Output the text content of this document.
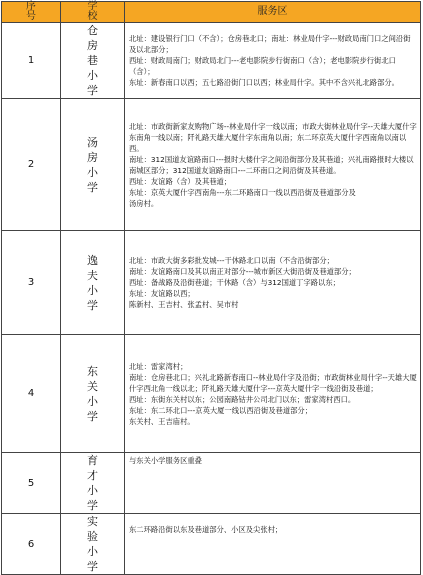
序号	学校	服务区
1	仓房巷小学	北址：建设银行门口（不含）；仓房巷北口；南址：林业局什字---财政局南门口之间沿街及以北部分；
西址：财政局南门；财政局北门---老电影院步行街南口（含）；老电影院步行街北口（含）；
东址：新春南口以西；五七路沿街门口以西；林业局什字。其中不含兴礼北路部分。

2	汤房小学	北址：市政街新家友购物广场--林业局什字一线以南；市政大街林业局什字--天雄大厦什字东南角一线以南；阡礼路天雄大厦什字东南角以南；东二环京英大厦什字西南角以南以西。
南址：312国道友谊路南口---报时大楼什字之间沿街部分及其巷道；兴礼南路报时大楼以南城区部分；312国道友谊路南口---二环南口之间沿街及其巷道。
西址：友谊路（含）及其巷道；
东址：京英大厦什字西南角---东二环路南口一线以西沿街及巷道部分及
汤房村。

3	逸夫小学	北址：市政大街多彩批发城---干休路北口以南（不含沿街部分；
南址：友谊路南口及其以南正对部分---城市新区大街沿街及巷道部分；
西址：备战路及沿街巷道；干休路（含）与312国道丁字路以东；
东址：友谊路以西；
陈新村、王吉村、张孟村、吴市村

4	东关小学	北址：雷家湾村；
南址：仓房巷北口；兴礼北路新春南口--林业局什字及沿街；市政街林业局什字--天雄大厦什字西北角一线以北；阡礼路天雄大厦什字---京英大厦什字一线沿街及巷道；
西址：东街东关村以东；公园南路钴井公司北门以东；雷家湾村西口。
东址：东二环北口---京英大厦一线以西沿街及巷道部分；
东关村、王吉庙村。

5	育才小学	与东关小学服务区重叠

6	实验小学	东二环路沿街以东及巷道部分、小区及尖张村；
